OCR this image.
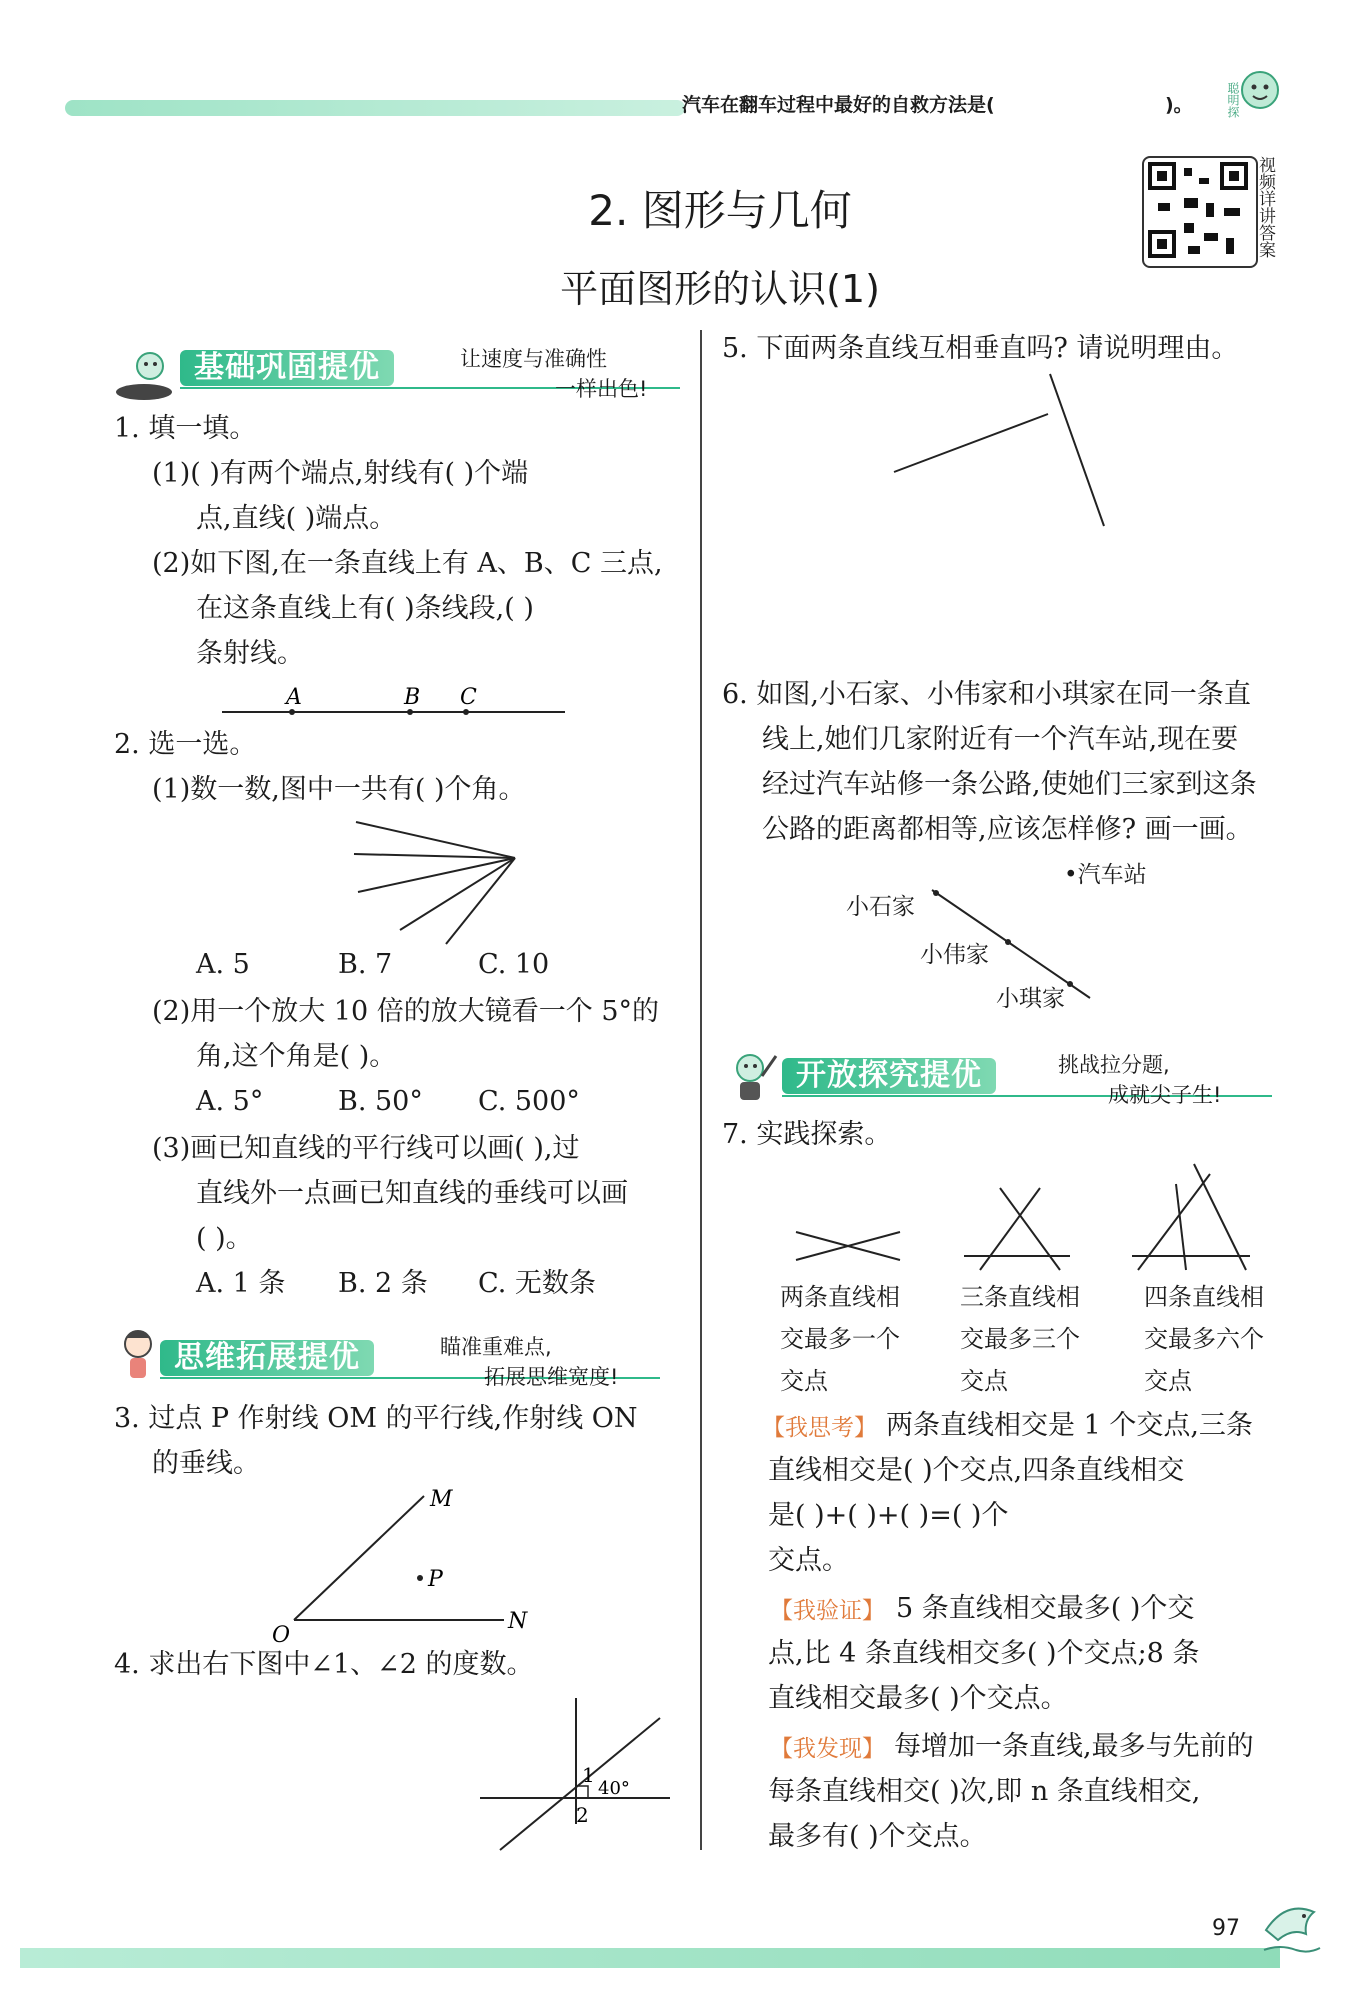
汽车在翻车过程中最好的自救方法是(	)。	聪明探
视频详讲答案
2. 图形与几何
平面图形的认识(1)
基础巩固提优	让速度与准确性
一样出色!
1. 填一填。
(1)( )有两个端点,射线有( )个端
点,直线( )端点。
(2)如下图,在一条直线上有 A、B、C 三点,
在这条直线上有( )条线段,( )
条射线。
A	B C
2. 选一选。
(1)数一数,图中一共有( )个角。
A. 5	B. 7	C. 10
(2)用一个放大 10 倍的放大镜看一个 5°的
角,这个角是( )。
A. 5°	B. 50° C. 500°
(3)画已知直线的平行线可以画( ),过
直线外一点画已知直线的垂线可以画
( )。
A. 1 条 B. 2 条 C. 无数条
思维拓展提优	瞄准重难点,
拓展思维宽度!
3. 过点 P 作射线 OM 的平行线,作射线 ON
的垂线。
M
P
O
N
4. 求出右下图中∠1、∠2 的度数。
1
40°
2
5. 下面两条直线互相垂直吗? 请说明理由。
6. 如图,小石家、小伟家和小琪家在同一条直
线上,她们几家附近有一个汽车站,现在要
经过汽车站修一条公路,使她们三家到这条
公路的距离都相等,应该怎样修? 画一画。
•汽车站
小石家
小伟家
小琪家
开放探究提优	挑战拉分题,
成就尖子生!
7. 实践探索。
两条直线相
交最多一个
交点
三条直线相
交最多三个
交点
四条直线相
交最多六个
交点
【我思考】 两条直线相交是 1 个交点,三条
直线相交是( )个交点,四条直线相交
是( )+( )+( )=( )个
交点。
【我验证】 5 条直线相交最多( )个交
点,比 4 条直线相交多( )个交点;8 条
直线相交最多( )个交点。
【我发现】 每增加一条直线,最多与先前的
每条直线相交( )次,即 n 条直线相交,
最多有( )个交点。
97
